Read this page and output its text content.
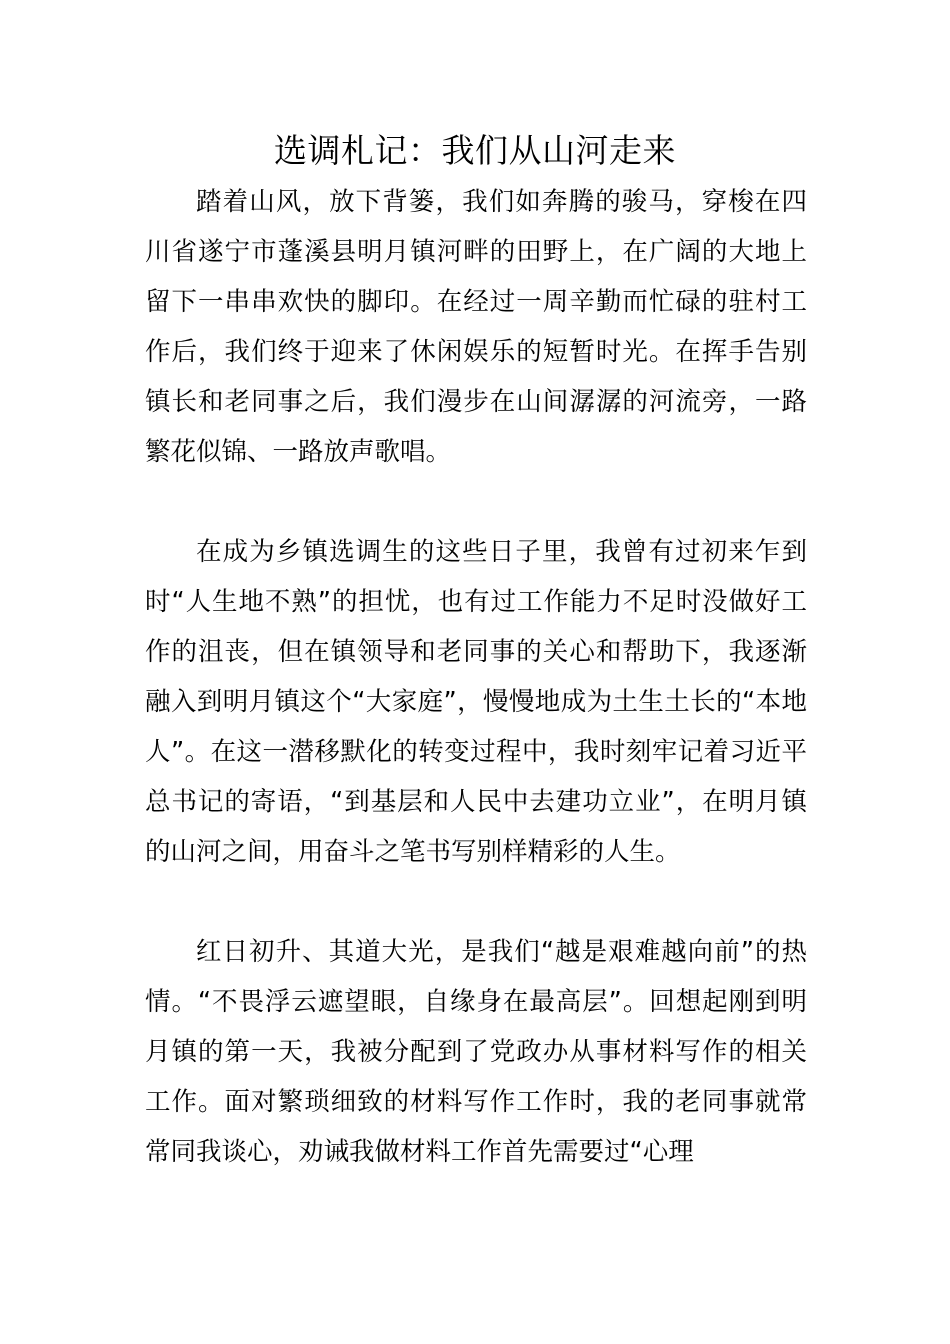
选调札记：我们从山河走来

踏着山风，放下背篓，我们如奔腾的骏马，穿梭在四川省遂宁市蓬溪县明月镇河畔的田野上，在广阔的大地上留下一串串欢快的脚印。在经过一周辛勤而忙碌的驻村工作后，我们终于迎来了休闲娱乐的短暂时光。在挥手告别镇长和老同事之后，我们漫步在山间潺潺的河流旁，一路繁花似锦、一路放声歌唱。

在成为乡镇选调生的这些日子里，我曾有过初来乍到时“人生地不熟”的担忧，也有过工作能力不足时没做好工作的沮丧，但在镇领导和老同事的关心和帮助下，我逐渐融入到明月镇这个“大家庭”，慢慢地成为土生土长的“本地人”。在这一潜移默化的转变过程中，我时刻牢记着习近平总书记的寄语，“到基层和人民中去建功立业”，在明月镇的山河之间，用奋斗之笔书写别样精彩的人生。

红日初升、其道大光，是我们“越是艰难越向前”的热情。“不畏浮云遮望眼，自缘身在最高层”。回想起刚到明月镇的第一天，我被分配到了党政办从事材料写作的相关工作。面对繁琐细致的材料写作工作时，我的老同事就常常同我谈心，劝诫我做材料工作首先需要过“心理
